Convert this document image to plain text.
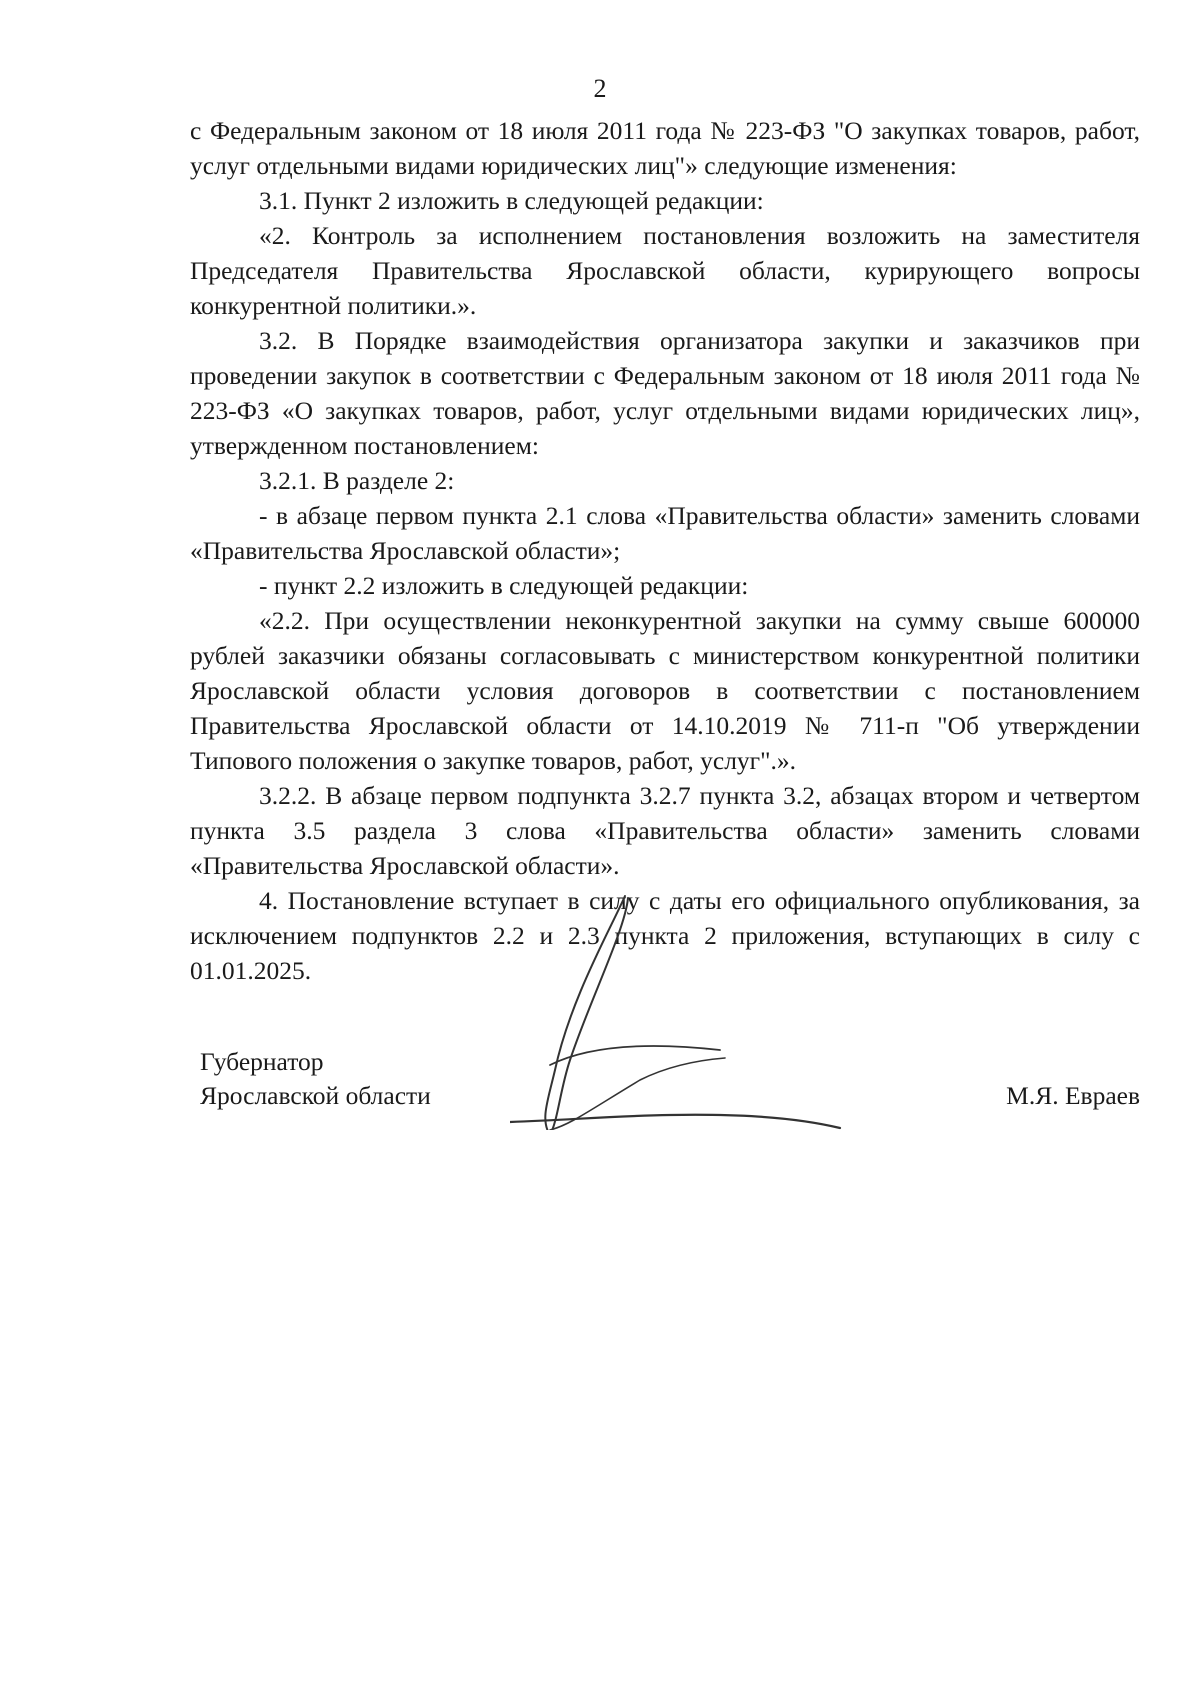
2

с Федеральным законом от 18 июля 2011 года № 223-ФЗ "О закупках товаров, работ, услуг отдельными видами юридических лиц"» следующие изменения:

3.1. Пункт 2 изложить в следующей редакции:

«2. Контроль за исполнением постановления возложить на заместителя Председателя Правительства Ярославской области, курирующего вопросы конкурентной политики.».

3.2. В Порядке взаимодействия организатора закупки и заказчиков при проведении закупок в соответствии с Федеральным законом от 18 июля 2011 года № 223-ФЗ «О закупках товаров, работ, услуг отдельными видами юридических лиц», утвержденном постановлением:

3.2.1. В разделе 2:

- в абзаце первом пункта 2.1 слова «Правительства области» заменить словами «Правительства Ярославской области»;

- пункт 2.2 изложить в следующей редакции:

«2.2. При осуществлении неконкурентной закупки на сумму свыше 600000 рублей заказчики обязаны согласовывать с министерством конкурентной политики Ярославской области условия договоров в соответствии с постановлением Правительства Ярославской области от 14.10.2019 № 711-п "Об утверждении Типового положения о закупке товаров, работ, услуг".».

3.2.2. В абзаце первом подпункта 3.2.7 пункта 3.2, абзацах втором и четвертом пункта 3.5 раздела 3 слова «Правительства области» заменить словами «Правительства Ярославской области».

4. Постановление вступает в силу с даты его официального опубликования, за исключением подпунктов 2.2 и 2.3 пункта 2 приложения, вступающих в силу с 01.01.2025.

Губернатор
Ярославской области	М.Я. Евраев
